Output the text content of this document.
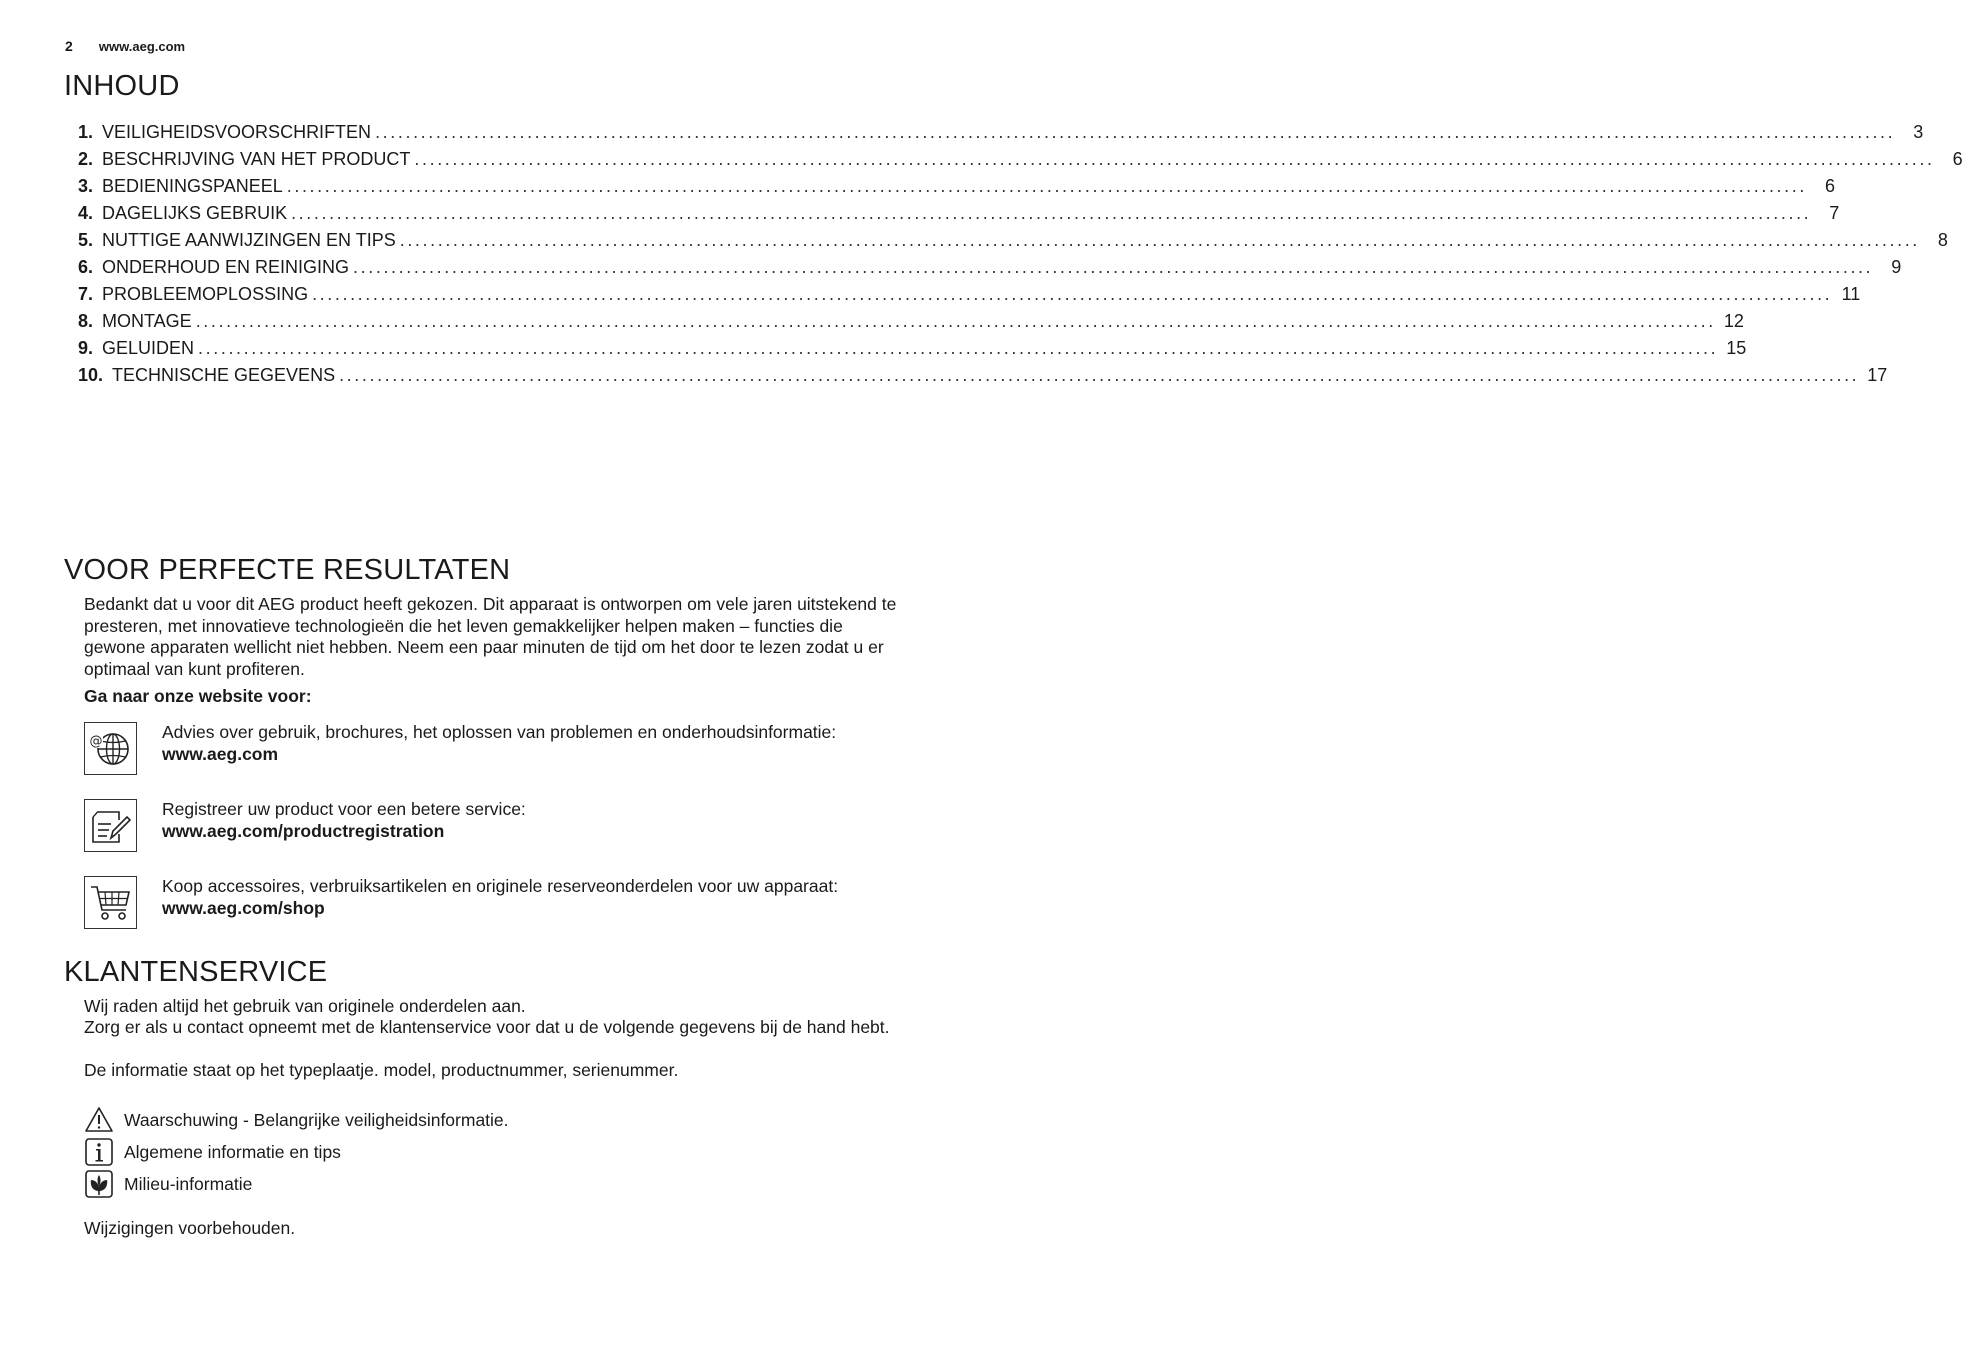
2 www.aeg.com
INHOUD
1. VEILIGHEIDSVOORSCHRIFTEN ........................................................................................................................................................................................................ 3
2. BESCHRIJVING VAN HET PRODUCT ........................................................................................................................................................................................................ 6
3. BEDIENINGSPANEEL ........................................................................................................................................................................................................ 6
4. DAGELIJKS GEBRUIK ........................................................................................................................................................................................................ 7
5. NUTTIGE AANWIJZINGEN EN TIPS ........................................................................................................................................................................................................ 8
6. ONDERHOUD EN REINIGING ........................................................................................................................................................................................................ 9
7. PROBLEEMOPLOSSING ........................................................................................................................................................................................................ 11
8. MONTAGE ........................................................................................................................................................................................................ 12
9. GELUIDEN ........................................................................................................................................................................................................ 15
10. TECHNISCHE GEGEVENS ........................................................................................................................................................................................................ 17
VOOR PERFECTE RESULTATEN

Bedankt dat u voor dit AEG product heeft gekozen. Dit apparaat is ontworpen om vele jaren uitstekend te presteren, met innovatieve technologieën die het leven gemakkelijker helpen maken – functies die gewone apparaten wellicht niet hebben. Neem een paar minuten de tijd om het door te lezen zodat u er optimaal van kunt profiteren.

Ga naar onze website voor:

@	Advies over gebruik, brochures, het oplossen van problemen en onderhoudsinformatie:
www.aeg.com
Registreer uw product voor een betere service:
www.aeg.com/productregistration
Koop accessoires, verbruiksartikelen en originele reserveonderdelen voor uw apparaat:
www.aeg.com/shop
KLANTENSERVICE

Wij raden altijd het gebruik van originele onderdelen aan.

Zorg er als u contact opneemt met de klantenservice voor dat u de volgende gegevens bij de hand hebt.

De informatie staat op het typeplaatje. model, productnummer, serienummer.

Waarschuwing - Belangrijke veiligheidsinformatie.
Algemene informatie en tips
Milieu-informatie

Wijzigingen voorbehouden.
